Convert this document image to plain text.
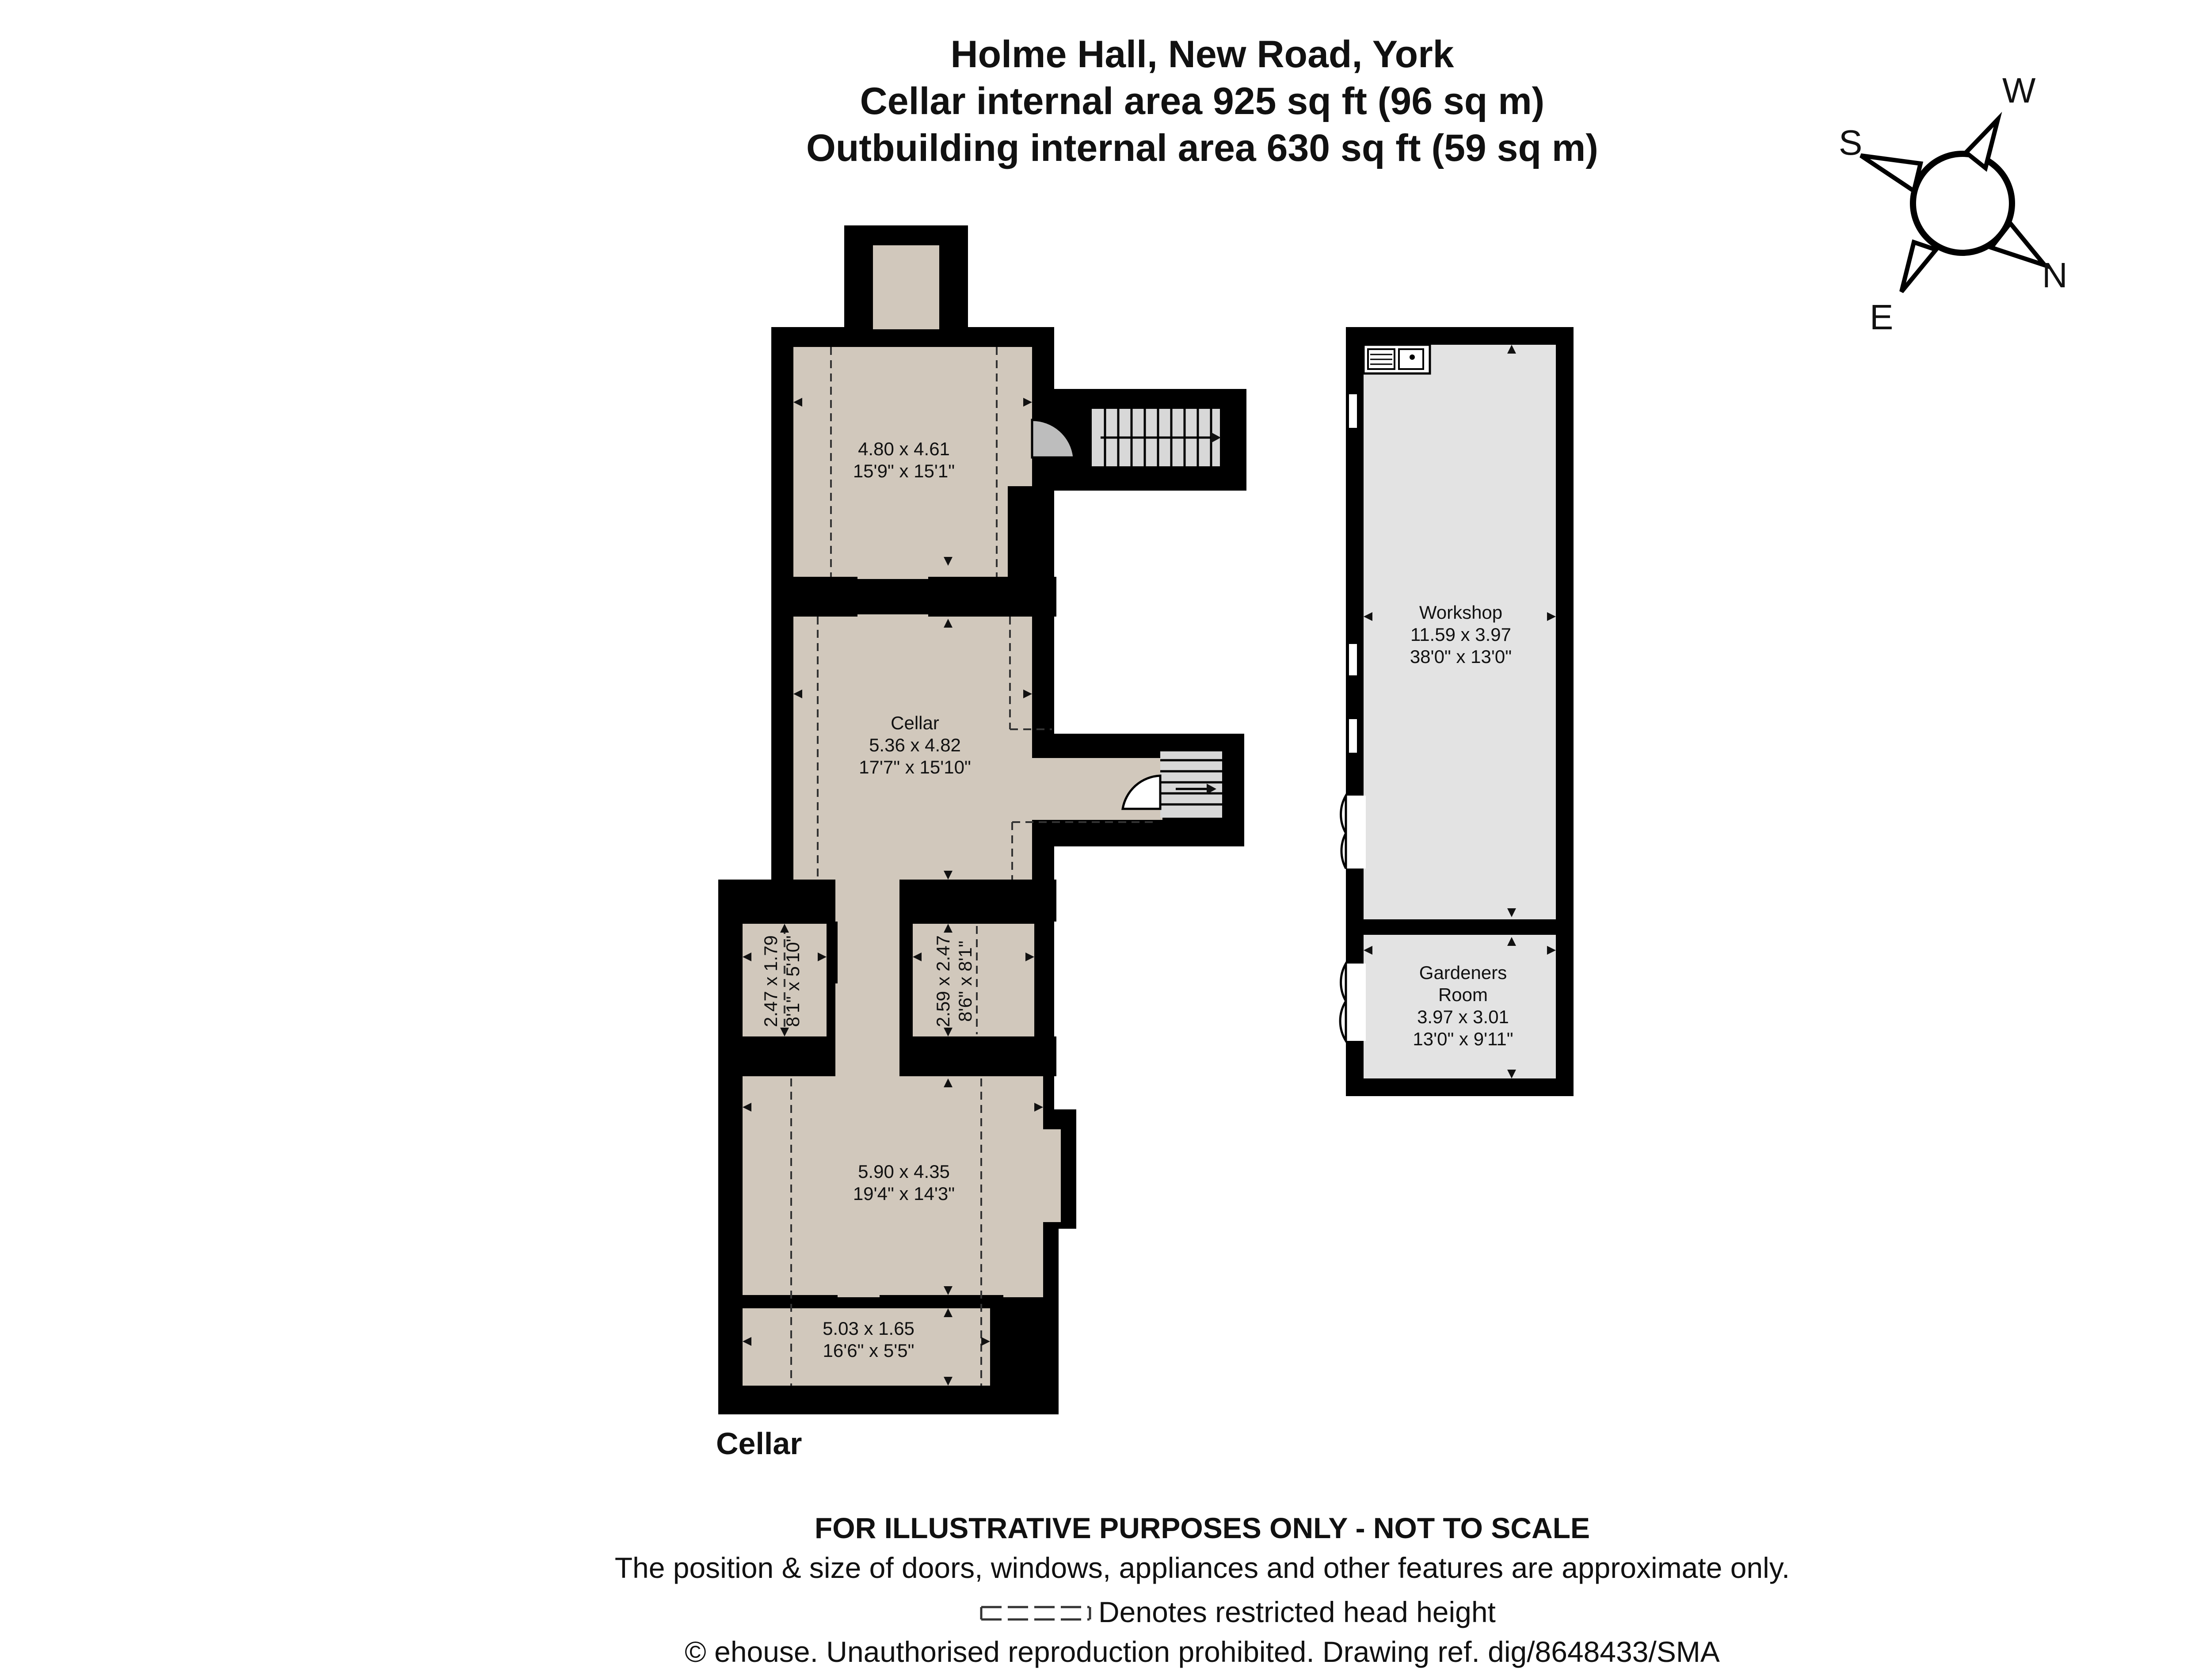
Holme Hall, New Road, York
Cellar internal area 925 sq ft (96 sq m)
Outbuilding internal area 630 sq ft (59 sq m)	S
W
N
E
4.80 x 4.61
15'9" x 15'1"
Cellar
5.36 x 4.82
17'7" x 15'10"
2.47 x 1.79 8'1" x 5'10"	2.59 x 2.47 8'6" x 8'1"
5.90 x 4.35
19'4" x 14'3"
5.03 x 1.65
16'6" x 5'5"
Workshop
11.59 x 3.97
38'0" x 13'0"
Gardeners
Room
3.97 x 3.01
13'0" x 9'11"
Cellar
FOR ILLUSTRATIVE PURPOSES ONLY - NOT TO SCALE
The position & size of doors, windows, appliances and other features are approximate only.
Denotes restricted head height
© ehouse. Unauthorised reproduction prohibited. Drawing ref. dig/8648433/SMA
